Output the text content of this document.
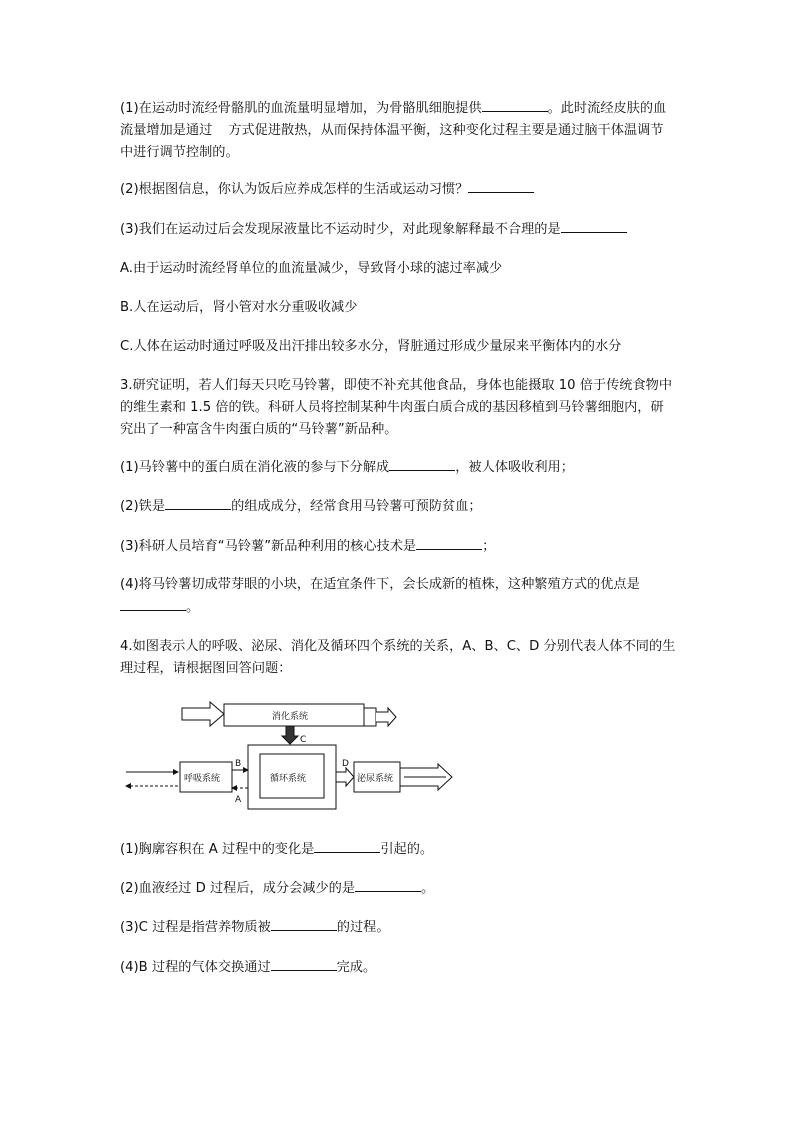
(1)在运动时流经骨骼肌的血流量明显增加，为骨骼肌细胞提供	。此时流经皮肤的血流量增加是通过 方式促进散热，从而保持体温平衡，这种变化过程主要是通过脑干体温调节中进行调节控制的。
(2)根据图信息，你认为饭后应养成怎样的生活或运动习惯？
(3)我们在运动过后会发现尿液量比不运动时少，对此现象解释最不合理的是
A.由于运动时流经肾单位的血流量减少，导致肾小球的滤过率减少
B.人在运动后，肾小管对水分重吸收减少
C.人体在运动时通过呼吸及出汗排出较多水分，肾脏通过形成少量尿来平衡体内的水分
3.研究证明，若人们每天只吃马铃薯，即使不补充其他食品，身体也能摄取 10 倍于传统食物中的维生素和 1.5 倍的铁。科研人员将控制某种牛肉蛋白质合成的基因移植到马铃薯细胞内，研究出了一种富含牛肉蛋白质的“马铃薯”新品种。
(1)马铃薯中的蛋白质在消化液的参与下分解成	，被人体吸收利用；
(2)铁是	的组成成分，经常食用马铃薯可预防贫血；
(3)科研人员培育“马铃薯”新品种利用的核心技术是	；
(4)将马铃薯切成带芽眼的小块，在适宜条件下，会长成新的植株，这种繁殖方式的优点是。
4.如图表示人的呼吸、泌尿、消化及循环四个系统的关系，A、B、C、D 分别代表人体不同的生理过程，请根据图回答问题：
消化系统
C
循环系统
呼吸系统
B
A
D
泌尿系统
(1)胸廓容积在 A 过程中的变化是	引起的。
(2)血液经过 D 过程后，成分会减少的是	。
(3)C 过程是指营养物质被	的过程。
(4)B 过程的气体交换通过	完成。
